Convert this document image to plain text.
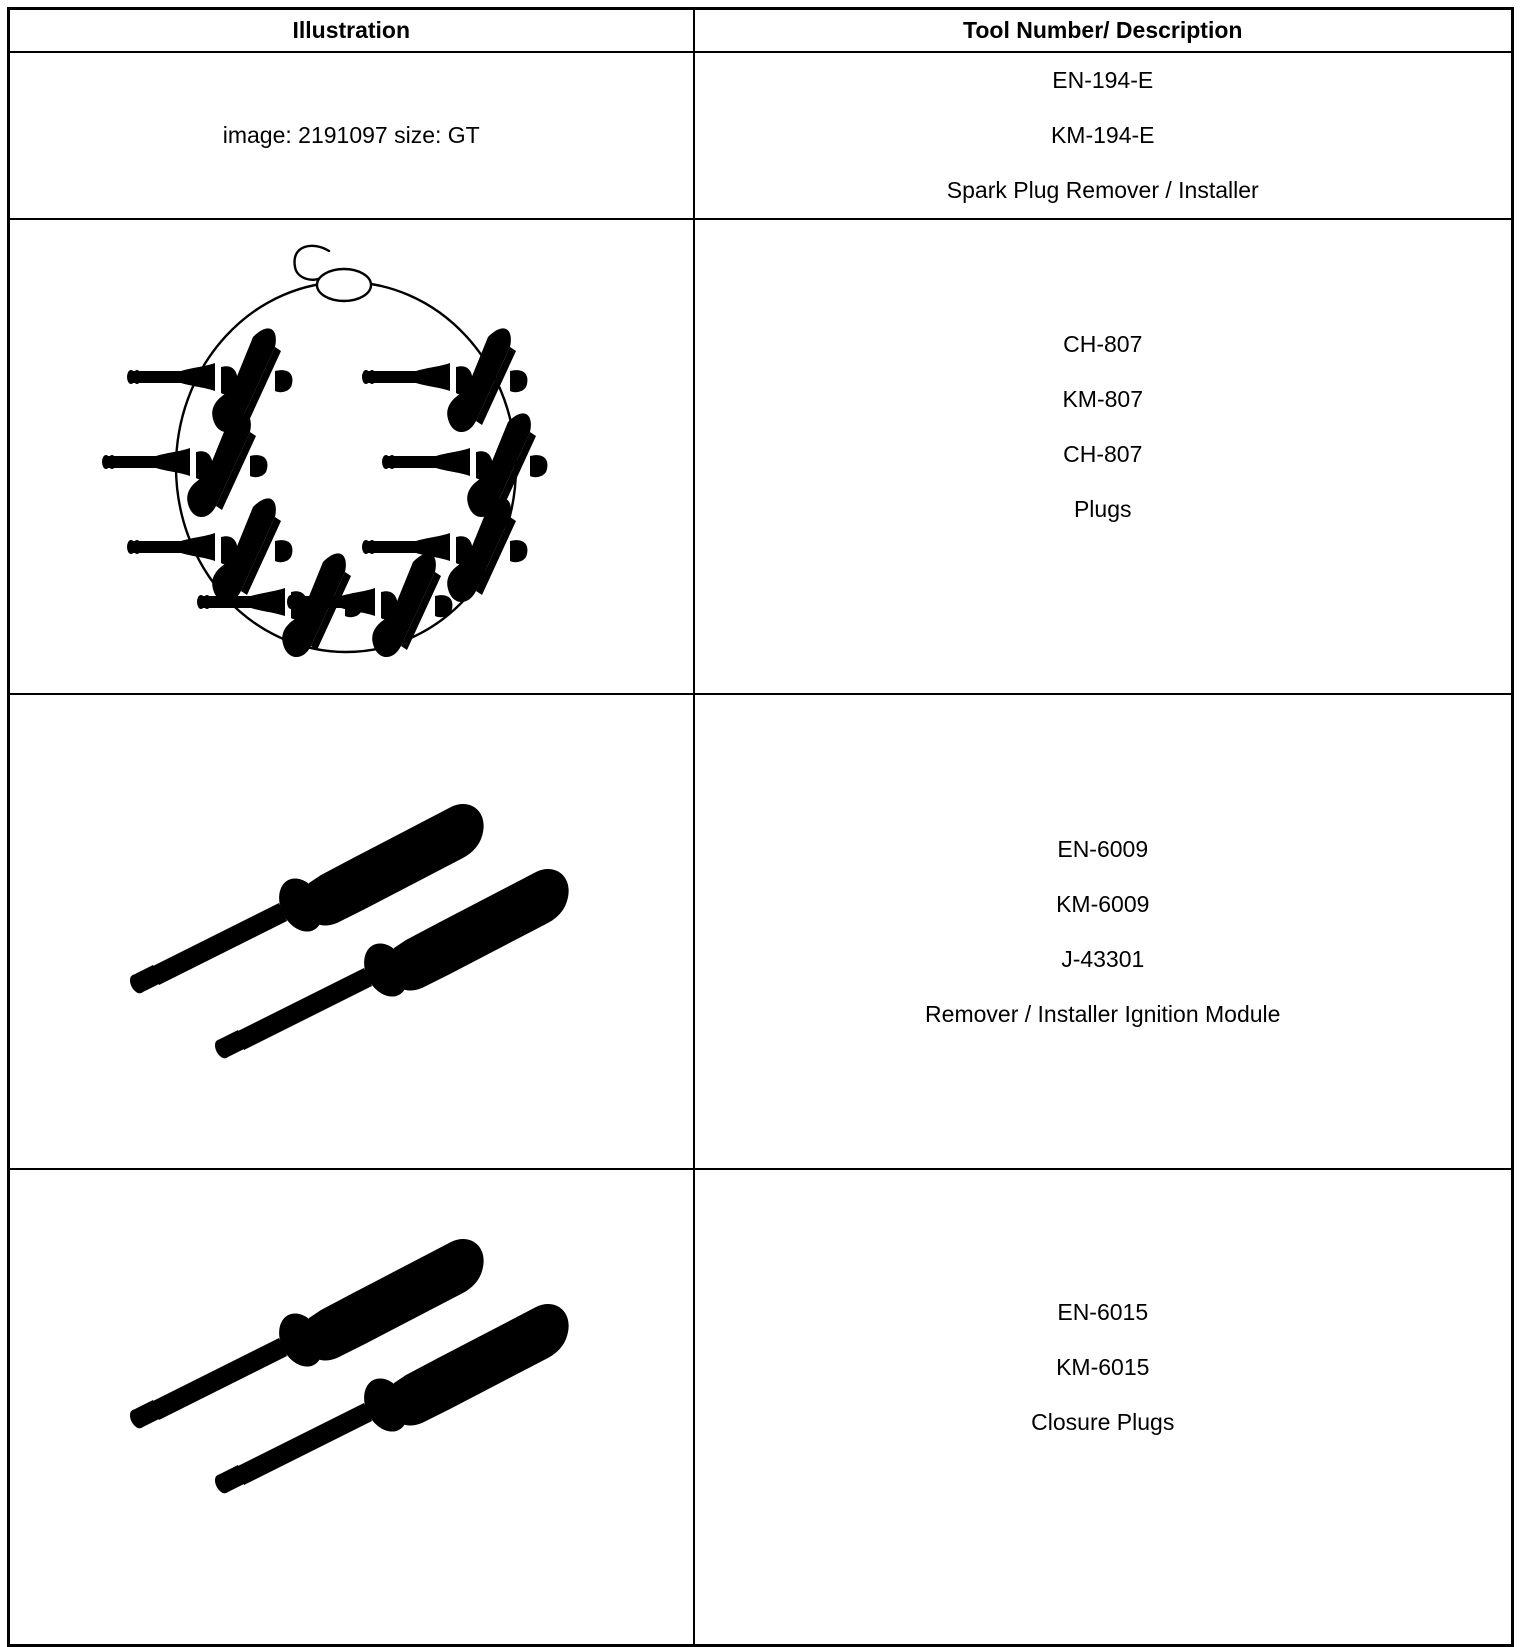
Illustration	Tool Number/ Description
image: 2191097 size: GT	EN-194-E
KM-194-E
Spark Plug Remover / Installer

CH-807
KM-807
CH-807
Plugs

EN-6009
KM-6009
J-43301
Remover / Installer Ignition Module

EN-6015
KM-6015
Closure Plugs
